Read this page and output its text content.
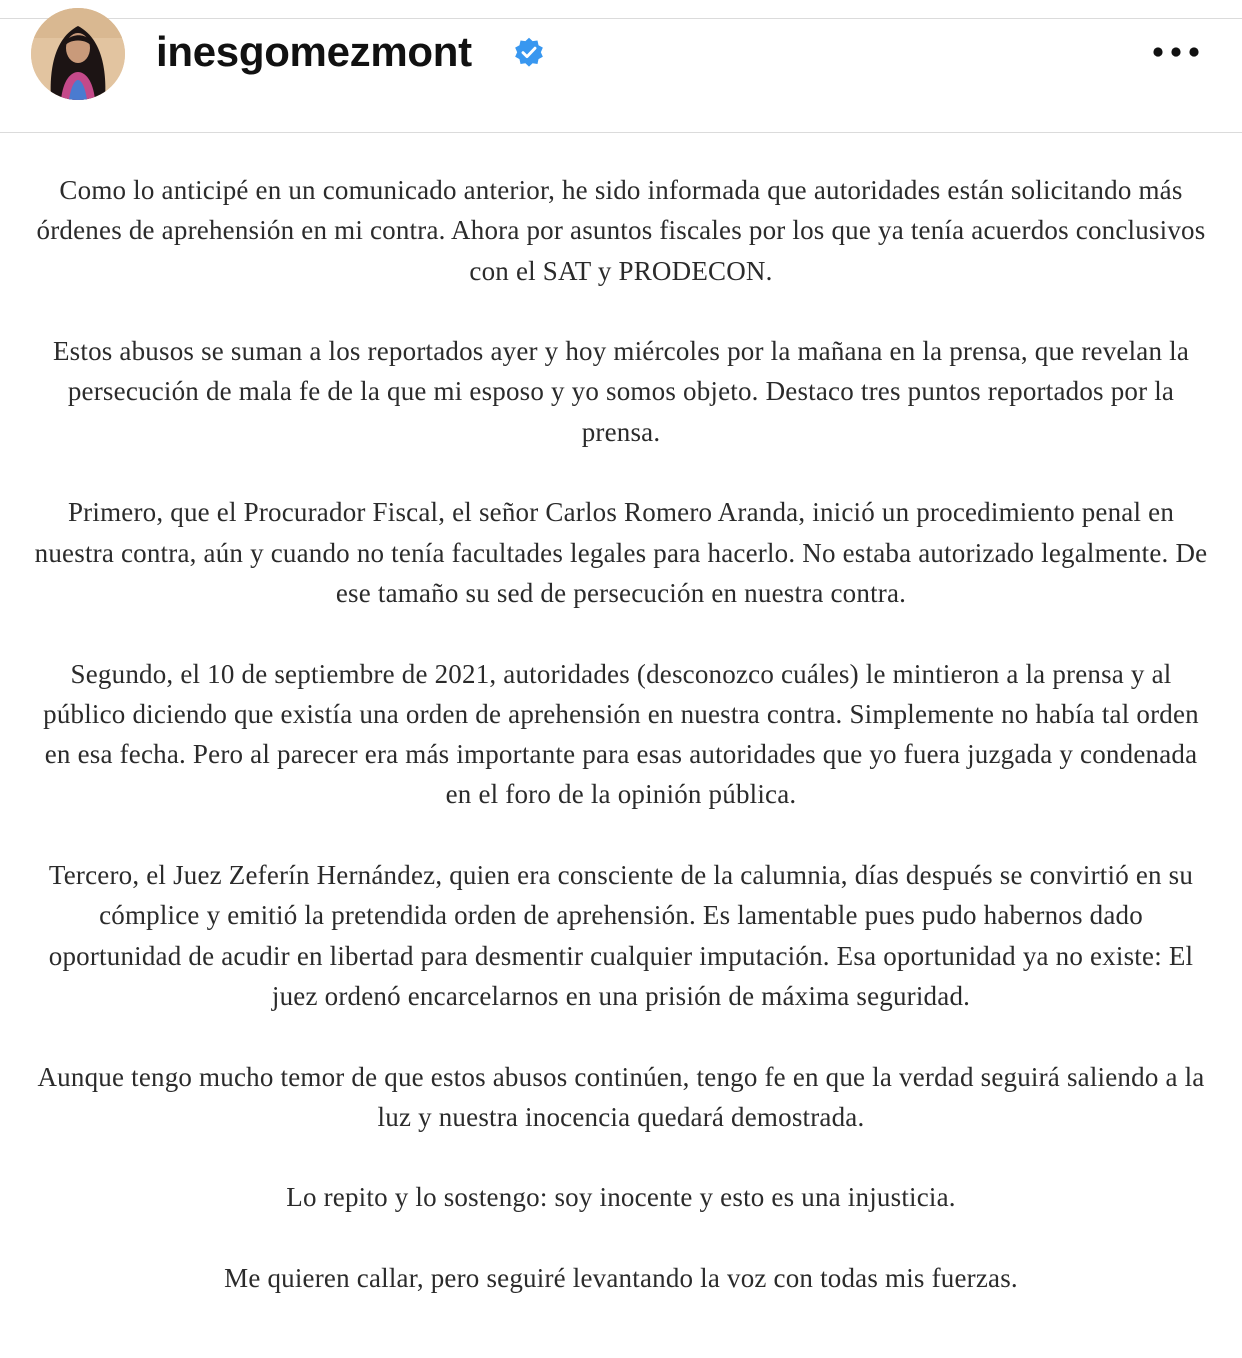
inesgomezmont

Como lo anticipé en un comunicado anterior, he sido informada que autoridades están solicitando más órdenes de aprehensión en mi contra. Ahora por asuntos fiscales por los que ya tenía acuerdos conclusivos con el SAT y PRODECON.

Estos abusos se suman a los reportados ayer y hoy miércoles por la mañana en la prensa, que revelan la persecución de mala fe de la que mi esposo y yo somos objeto. Destaco tres puntos reportados por la prensa.

Primero, que el Procurador Fiscal, el señor Carlos Romero Aranda, inició un procedimiento penal en nuestra contra, aún y cuando no tenía facultades legales para hacerlo. No estaba autorizado legalmente. De ese tamaño su sed de persecución en nuestra contra.

Segundo, el 10 de septiembre de 2021, autoridades (desconozco cuáles) le mintieron a la prensa y al público diciendo que existía una orden de aprehensión en nuestra contra. Simplemente no había tal orden en esa fecha. Pero al parecer era más importante para esas autoridades que yo fuera juzgada y condenada en el foro de la opinión pública.

Tercero, el Juez Zeferín Hernández, quien era consciente de la calumnia, días después se convirtió en su cómplice y emitió la pretendida orden de aprehensión. Es lamentable pues pudo habernos dado oportunidad de acudir en libertad para desmentir cualquier imputación. Esa oportunidad ya no existe: El juez ordenó encarcelarnos en una prisión de máxima seguridad.

Aunque tengo mucho temor de que estos abusos continúen, tengo fe en que la verdad seguirá saliendo a la luz y nuestra inocencia quedará demostrada.

Lo repito y lo sostengo: soy inocente y esto es una injusticia.

Me quieren callar, pero seguiré levantando la voz con todas mis fuerzas.
